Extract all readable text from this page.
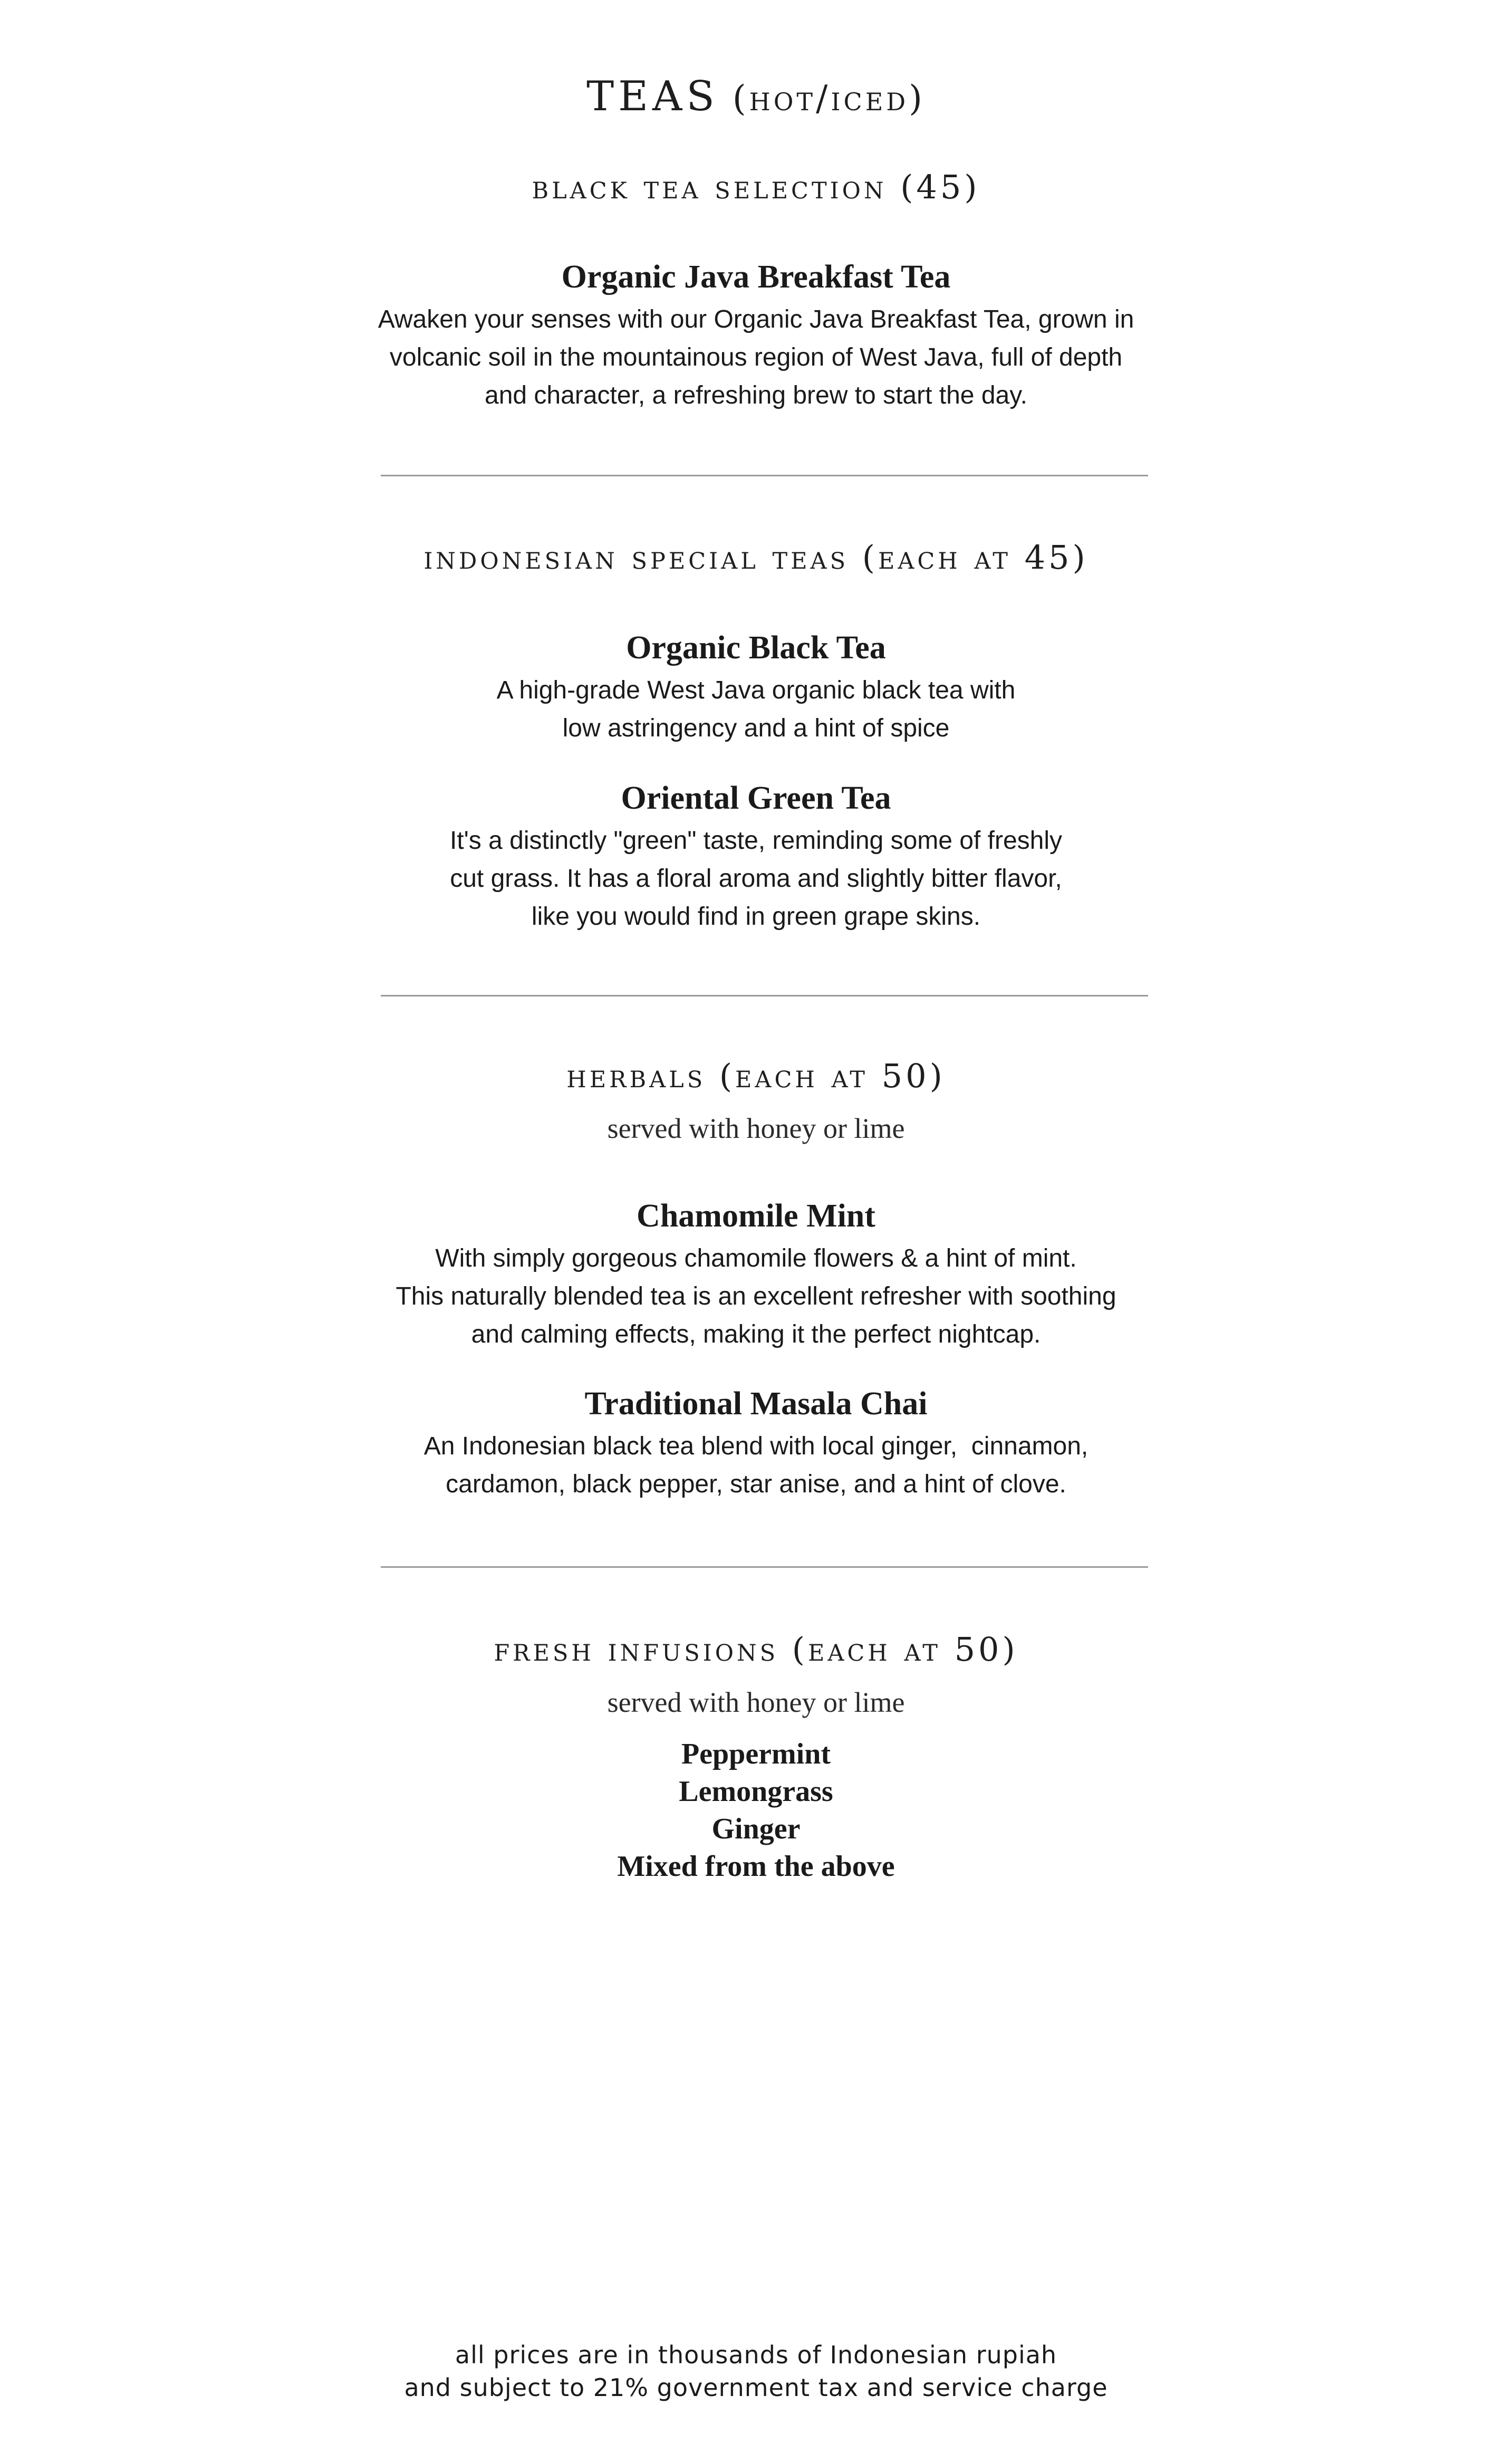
TEAS (hot/iced)
black tea selection (45)
Organic Java Breakfast Tea
Awaken your senses with our Organic Java Breakfast Tea, grown in
volcanic soil in the mountainous region of West Java, full of depth
and character, a refreshing brew to start the day.
indonesian special teas (each at 45)
Organic Black Tea
A high-grade West Java organic black tea with
low astringency and a hint of spice
Oriental Green Tea
It's a distinctly "green" taste, reminding some of freshly
cut grass. It has a floral aroma and slightly bitter flavor,
like you would find in green grape skins.
herbals (each at 50)
served with honey or lime
Chamomile Mint
With simply gorgeous chamomile flowers & a hint of mint.
This naturally blended tea is an excellent refresher with soothing
and calming effects, making it the perfect nightcap.
Traditional Masala Chai
An Indonesian black tea blend with local ginger,  cinnamon,
cardamon, black pepper, star anise, and a hint of clove.
fresh infusions (each at 50)
served with honey or lime
Peppermint
Lemongrass
Ginger
Mixed from the above
all prices are in thousands of Indonesian rupiah
and subject to 21% government tax and service charge
